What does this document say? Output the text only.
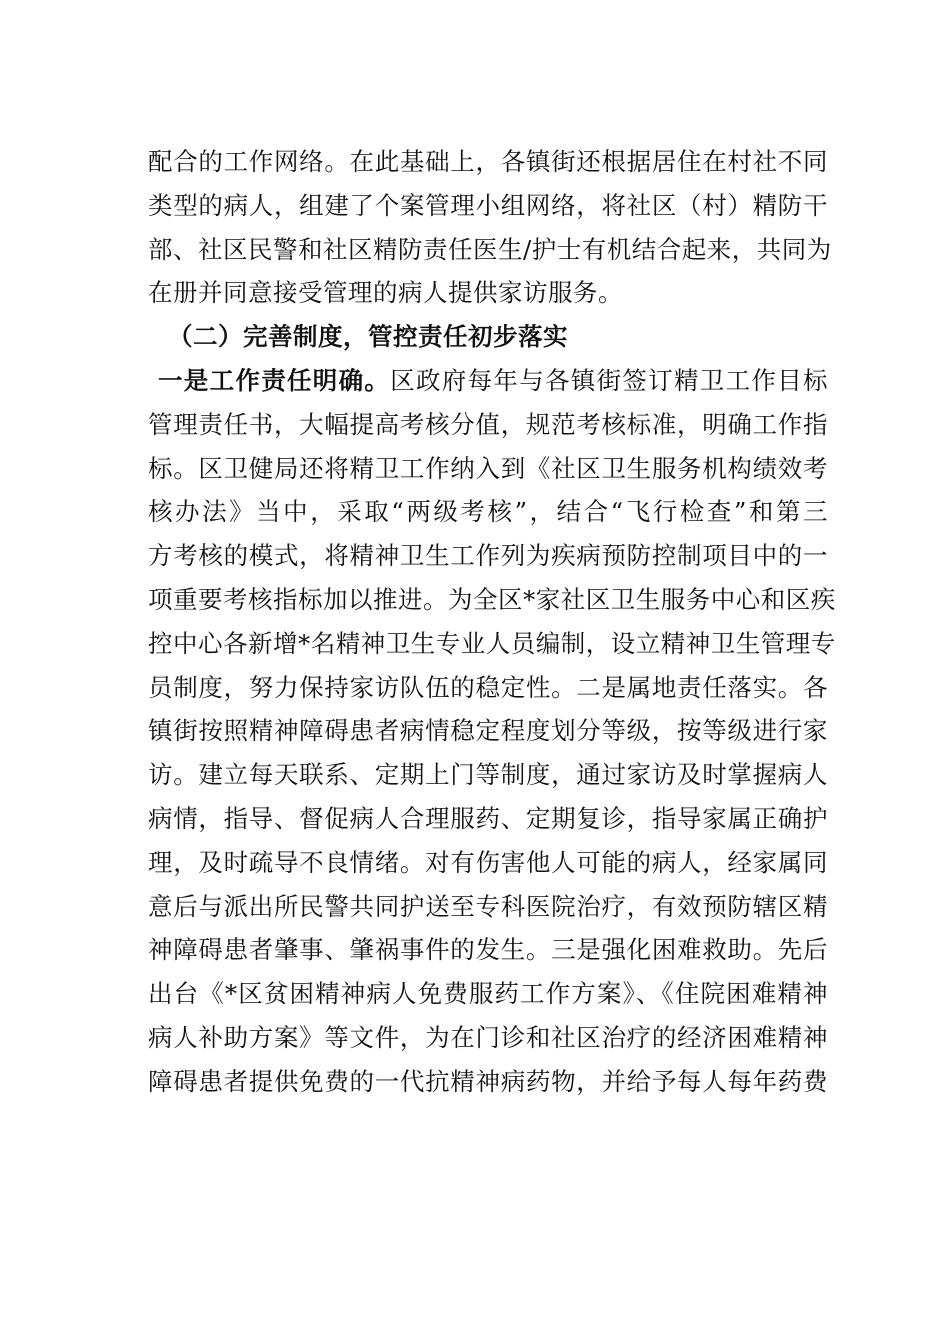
配合的工作网络。在此基础上，各镇街还根据居住在村社不同
类型的病人，组建了个案管理小组网络，将社区（村）精防干
部、社区民警和社区精防责任医生/护士有机结合起来，共同为
在册并同意接受管理的病人提供家访服务。
（二）完善制度，管控责任初步落实
一是工作责任明确。区政府每年与各镇街签订精卫工作目标
管理责任书，大幅提高考核分值，规范考核标准，明确工作指
标。区卫健局还将精卫工作纳入到《社区卫生服务机构绩效考
核办法》当中，采取“两级考核”，结合“飞行检查”和第三
方考核的模式，将精神卫生工作列为疾病预防控制项目中的一
项重要考核指标加以推进。为全区*家社区卫生服务中心和区疾
控中心各新增*名精神卫生专业人员编制，设立精神卫生管理专
员制度，努力保持家访队伍的稳定性。二是属地责任落实。各
镇街按照精神障碍患者病情稳定程度划分等级，按等级进行家
访。建立每天联系、定期上门等制度，通过家访及时掌握病人
病情，指导、督促病人合理服药、定期复诊，指导家属正确护
理，及时疏导不良情绪。对有伤害他人可能的病人，经家属同
意后与派出所民警共同护送至专科医院治疗，有效预防辖区精
神障碍患者肇事、肇祸事件的发生。三是强化困难救助。先后
出台《*区贫困精神病人免费服药工作方案》、《住院困难精神
病人补助方案》等文件，为在门诊和社区治疗的经济困难精神
障碍患者提供免费的一代抗精神病药物，并给予每人每年药费
